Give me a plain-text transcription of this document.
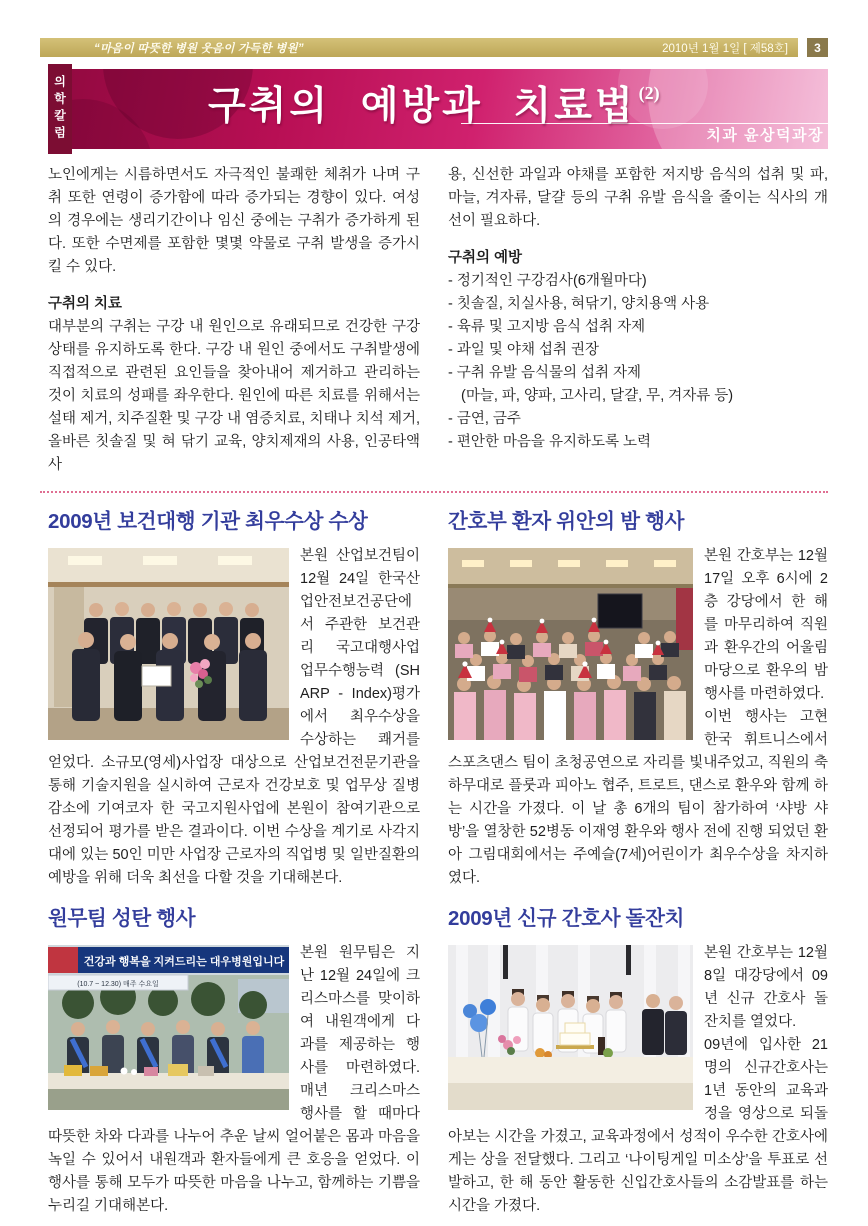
“마음이 따뜻한 병원 웃음이 가득한 병원”	2010년 1월 1일 [ 제58호]	3
의학칼럼	구취의 예방과 치료법 $^{(2)}$
치과 윤상덕과장

노인에게는 시름하면서도 자극적인 불쾌한 체취가 나며 구취 또한 연령이 증가함에 따라 증가되는 경향이 있다. 여성의 경우에는 생리기간이나 임신 중에는 구취가 증가하게 된다. 또한 수면제를 포함한 몇몇 약물로 구취 발생을 증가시킬 수 있다.

구취의 치료

대부분의 구취는 구강 내 원인으로 유래되므로 건강한 구강 상태를 유지하도록 한다. 구강 내 원인 중에서도 구취발생에 직접적으로 관련된 요인들을 찾아내어 제거하고 관리하는 것이 치료의 성패를 좌우한다. 원인에 따른 치료를 위해서는 설태 제거, 치주질환 및 구강 내 염증치료, 치태나 치석 제거, 올바른 칫솔질 및 혀 닦기 교육, 양치제재의 사용, 인공타액 사

용, 신선한 과일과 야채를 포함한 저지방 음식의 섭취 및 파, 마늘, 겨자류, 달걀 등의 구취 유발 음식을 줄이는 식사의 개선이 필요하다.

구취의 예방
- 정기적인 구강검사(6개월마다)
- 칫솔질, 치실사용, 혀닦기, 양치용액 사용
- 육류 및 고지방 음식 섭취 자제
- 과일 및 야채 섭취 권장
- 구취 유발 음식물의 섭취 자제
(마늘, 파, 양파, 고사리, 달걀, 무, 겨자류 등)
- 금연, 금주
- 편안한 마음을 유지하도록 노력
2009년 보건대행 기관 최우수상 수상

본원 산업보건팀이 12월 24일 한국산업안전보건공단에서 주관한 보건관리 국고대행사업 업무수행능력 (SHARP - Index)평가에서 최우수상을 수상하는 쾌거를 얻었다. 소규모(영세)사업장 대상으로 산업보건전문기관을 통해 기술지원을 실시하여 근로자 건강보호 및 업무상 질병 감소에 기여코자 한 국고지원사업에 본원이 참여기관으로 선정되어 평가를 받은 결과이다. 이번 수상을 계기로 사각지대에 있는 50인 미만 사업장 근로자의 직업병 및 일반질환의 예방을 위해 더욱 최선을 다할 것을 기대해본다.

간호부 환자 위안의 밤 행사

본원 간호부는 12월 17일 오후 6시에 2층 강당에서 한 해를 마무리하여 직원과 환우간의 어울림 마당으로 환우의 밤 행사를 마련하였다.

이번 행사는 고현 한국 휘트니스에서 스포츠댄스 팀이 초청공연으로 자리를 빛내주었고, 직원의 축하무대로 플룻과 피아노 협주, 트로트, 댄스로 환우와 함께 하는 시간을 가졌다. 이 날 총 6개의 팀이 참가하여 ‘샤방 샤방’을 열창한 52병동 이재영 환우와 행사 전에 진행 되었던 환아 그림대회에서는 주예슬(7세)어린이가 최우수상을 차지하였다.

원무팀 성탄 행사
건강과 행복을 지켜드리는 대우병원입니다
(10.7 ~ 12.30) 매주 수요일

본원 원무팀은 지난 12월 24일에 크리스마스를 맞이하여 내원객에게 다과를 제공하는 행사를 마련하였다. 매년 크리스마스 행사를 할 때마다 따뜻한 차와 다과를 나누어 추운 날씨 얼어붙은 몸과 마음을 녹일 수 있어서 내원객과 환자들에게 큰 호응을 얻었다. 이 행사를 통해 모두가 따뜻한 마음을 나누고, 함께하는 기쁨을 누리길 기대해본다.

2009년 신규 간호사 돌잔치

본원 간호부는 12월 8일 대강당에서 09년 신규 간호사 돌잔치를 열었다.

09년에 입사한 21명의 신규간호사는 1년 동안의 교육과정을 영상으로 되돌아보는 시간을 가졌고, 교육과정에서 성적이 우수한 간호사에게는 상을 전달했다. 그리고 ‘나이팅게일 미소상’을 투표로 선발하고, 한 해 동안 활동한 신입간호사들의 소감발표를 하는 시간을 가졌다.
